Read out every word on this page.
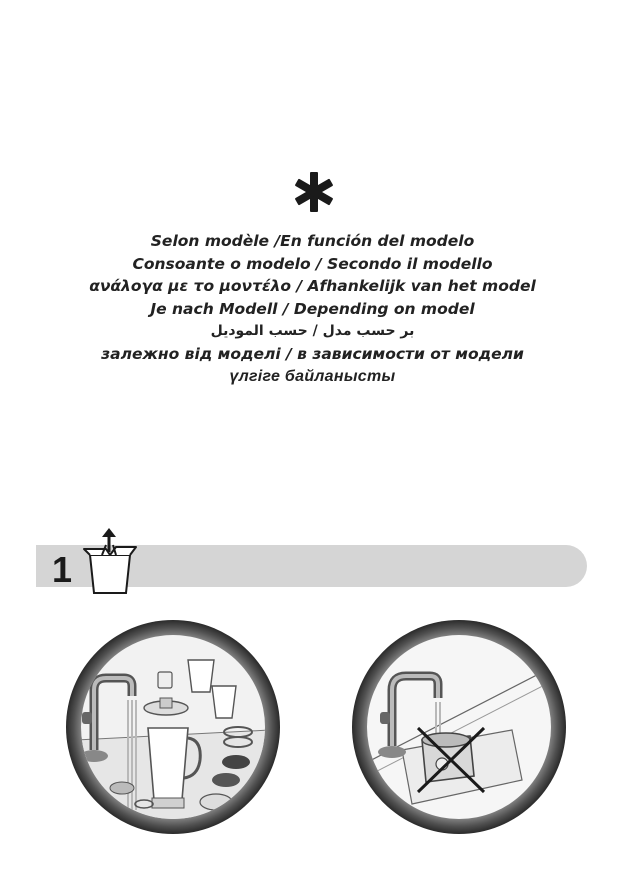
Selon modèle /En función del modelo
Consoante o modelo / Secondo il modello
ανάλογα με το μοντέλο / Afhankelijk van het model
Je nach Modell / Depending on model
بر حسب مدل / حسب الموديل
залежно від моделі / в зависимости от модели
үлгіге байланысты
1
